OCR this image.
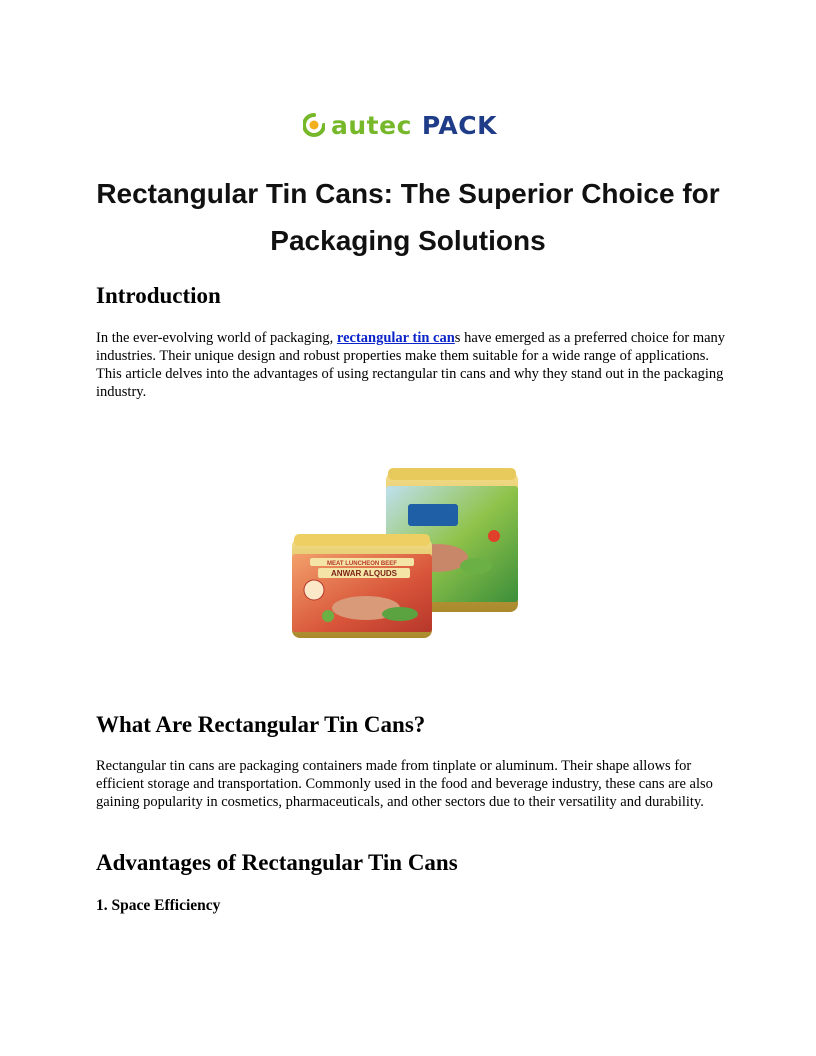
autec PACK
Rectangular Tin Cans: The Superior Choice for Packaging Solutions
Introduction

In the ever-evolving world of packaging, rectangular tin cans have emerged as a preferred choice for many industries. Their unique design and robust properties make them suitable for a wide range of applications. This article delves into the advantages of using rectangular tin cans and why they stand out in the packaging industry.

MEAT LUNCHEON BEEF
ANWAR ALQUDS
What Are Rectangular Tin Cans?

Rectangular tin cans are packaging containers made from tinplate or aluminum. Their shape allows for efficient storage and transportation. Commonly used in the food and beverage industry, these cans are also gaining popularity in cosmetics, pharmaceuticals, and other sectors due to their versatility and durability.

Advantages of Rectangular Tin Cans
1. Space Efficiency
